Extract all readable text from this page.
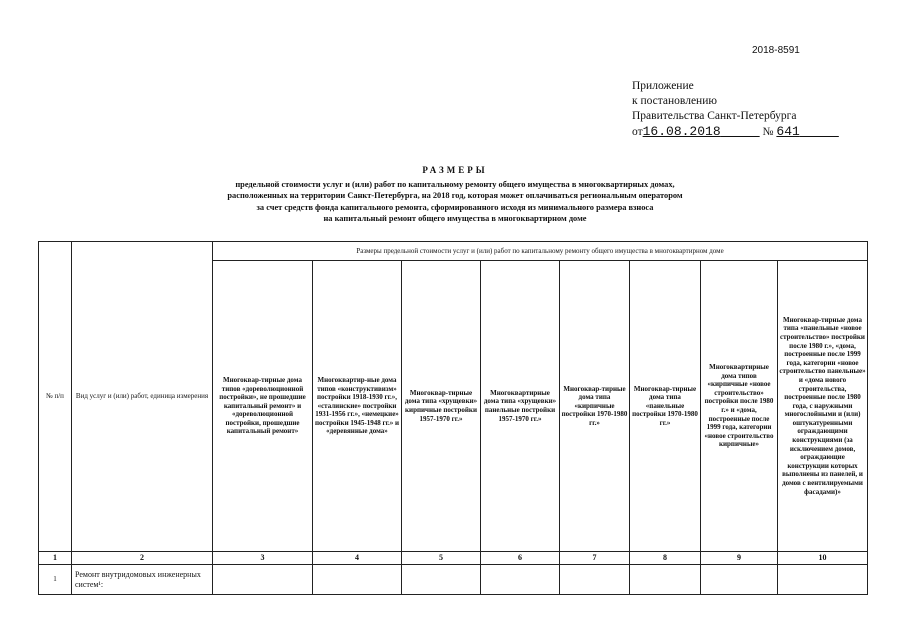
2018-8591
Приложение
к постановлению
Правительства Санкт-Петербурга
от16.08.2018	№ 641
РАЗМЕРЫ
предельной стоимости услуг и (или) работ по капитальному ремонту общего имущества в многоквартирных домах,
расположенных на территории Санкт-Петербурга, на 2018 год, которая может оплачиваться региональным оператором
за счет средств фонда капитального ремонта, сформированного исходя из минимального размера взноса
на капитальный ремонт общего имущества в многоквартирном доме
№ п/п	Вид услуг и (или) работ, единица измерения	Размеры предельной стоимости услуг и (или) работ по капитальному ремонту общего имущества в многоквартирном доме							
		Многоквар-тирные дома типов «дореволюционной постройки», не прошедшие капитальный ремонт» и «дореволюционной постройки, прошедшие капитальный ремонт»	Многоквартир-ные дома типов «конструктивизм» постройки 1918-1930 гг.», «сталинские» постройки 1931-1956 гг.», «немецкие» постройки 1945-1948 гг.» и «деревянные дома»	Многоквар-тирные дома типа «хрущевки» кирпичные постройки 1957-1970 гг.»	Многоквартирные дома типа «хрущевки» панельные постройки 1957-1970 гг.»	Многоквар-тирные дома типа «кирпичные постройки 1970-1980 гг.»	Многоквар-тирные дома типа «панельные постройки 1970-1980 гг.»	Многоквартирные дома типов «кирпичные «новое строительство» постройки после 1980 г.» и «дома, построенные после 1999 года, категории «новое строительство кирпичные»	Многоквар-тирные дома типа «панельные «новое строительство» постройки после 1980 г.», «дома, построенные после 1999 года, категории «новое строительство панельные» и «дома нового строительства, построенные после 1980 года, с наружными многослойными и (или) оштукатуренными ограждающими конструкциями (за исключением домов, ограждающие конструкции которых выполнены из панелей, и домов с вентилируемыми фасадами)»
1	2	3	4	5	6	7	8	9	10
1	Ремонт внутридомовых инженерных систем¹:								
